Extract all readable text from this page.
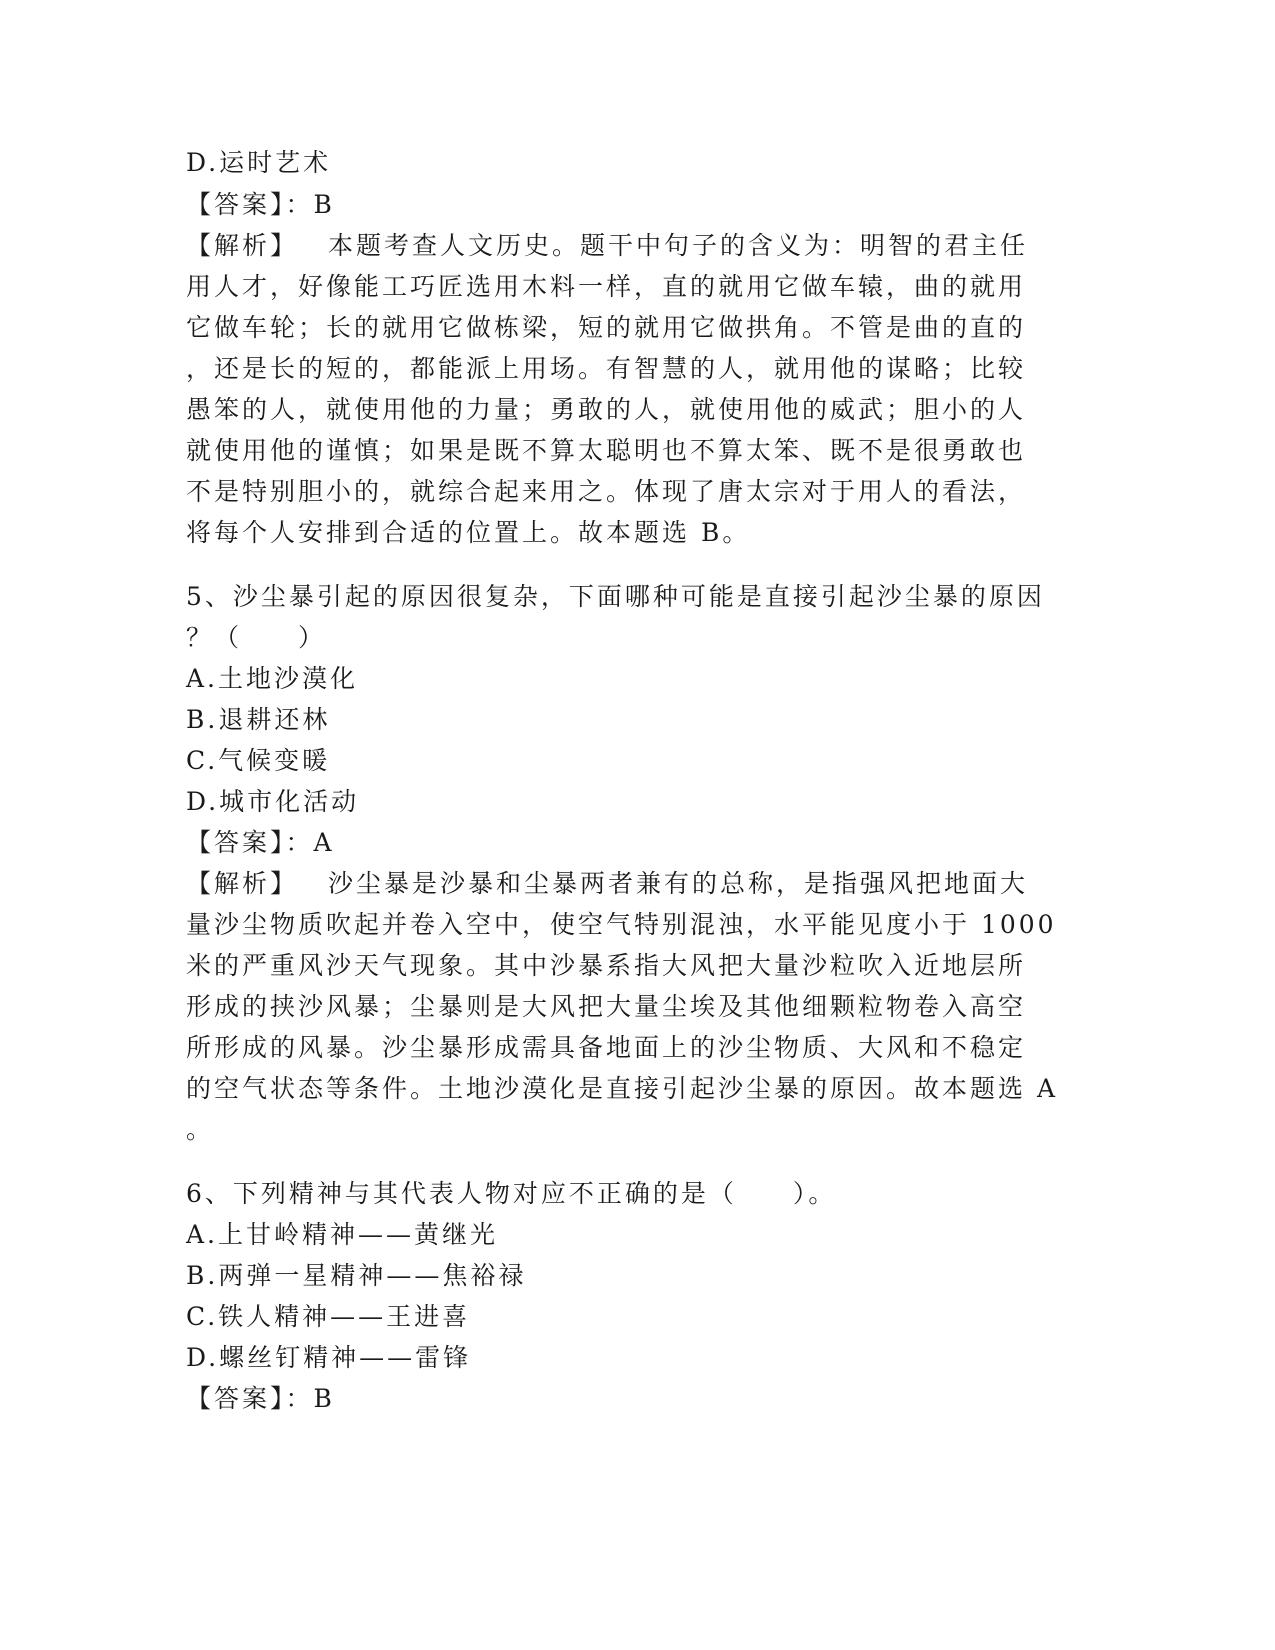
D.运时艺术
【答案】：B
【解析】 本题考查人文历史。题干中句子的含义为：明智的君主任
用人才，好像能工巧匠选用木料一样，直的就用它做车辕，曲的就用
它做车轮；长的就用它做栋梁，短的就用它做拱角。不管是曲的直的
，还是长的短的，都能派上用场。有智慧的人，就用他的谋略；比较
愚笨的人，就使用他的力量；勇敢的人，就使用他的威武；胆小的人
就使用他的谨慎；如果是既不算太聪明也不算太笨、既不是很勇敢也
不是特别胆小的，就综合起来用之。体现了唐太宗对于用人的看法，
将每个人安排到合适的位置上。故本题选 B。
5、沙尘暴引起的原因很复杂，下面哪种可能是直接引起沙尘暴的原因
？（　　）
A.土地沙漠化
B.退耕还林
C.气候变暖
D.城市化活动
【答案】：A
【解析】 沙尘暴是沙暴和尘暴两者兼有的总称，是指强风把地面大
量沙尘物质吹起并卷入空中，使空气特别混浊，水平能见度小于 1000
米的严重风沙天气现象。其中沙暴系指大风把大量沙粒吹入近地层所
形成的挟沙风暴；尘暴则是大风把大量尘埃及其他细颗粒物卷入高空
所形成的风暴。沙尘暴形成需具备地面上的沙尘物质、大风和不稳定
的空气状态等条件。土地沙漠化是直接引起沙尘暴的原因。故本题选 A
。
6、下列精神与其代表人物对应不正确的是（　　）。
A.上甘岭精神——黄继光
B.两弹一星精神——焦裕禄
C.铁人精神——王进喜
D.螺丝钉精神——雷锋
【答案】：B
